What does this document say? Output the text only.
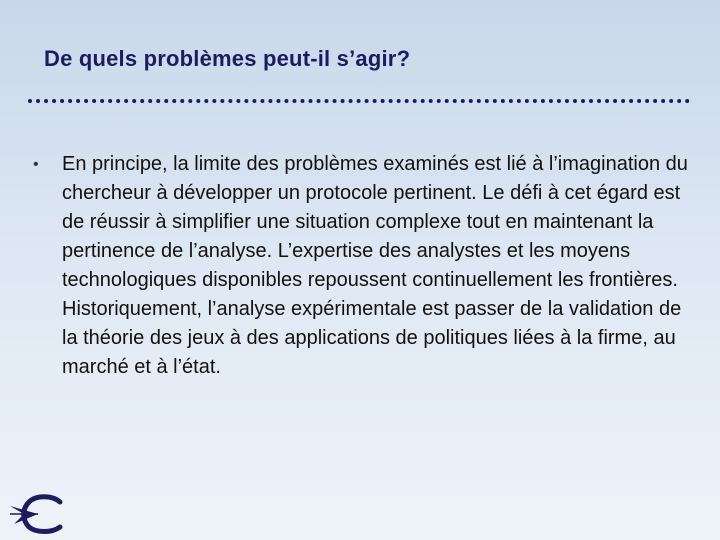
De quels problèmes peut-il s’agir?
• En principe, la limite des problèmes examinés est lié à l’imagination du chercheur à développer un protocole pertinent. Le défi à cet égard est de réussir à simplifier une situation complexe tout en maintenant la pertinence de l’analyse. L’expertise des analystes et les moyens technologiques disponibles repoussent continuellement les frontières. Historiquement, l’analyse expérimentale est passer de la validation de la théorie des jeux à des applications de politiques liées à la firme, au marché et à l’état.
